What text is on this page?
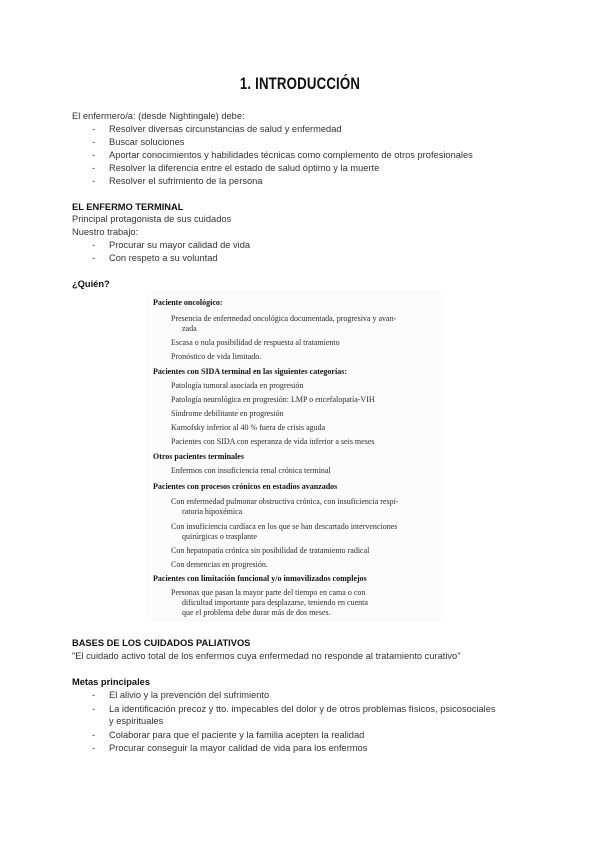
1. INTRODUCCIÓN
El enfermero/a: (desde Nightingale) debe:
- Resolver diversas circunstancias de salud y enfermedad
- Buscar soluciones
- Aportar conocimientos y habilidades técnicas como complemento de otros profesionales
- Resolver la diferencia entre el estado de salud óptimo y la muerte
- Resolver el sufrimiento de la persona
EL ENFERMO TERMINAL
Principal protagonista de sus cuidados
Nuestro trabajo:
- Procurar su mayor calidad de vida
- Con respeto a su voluntad
¿Quién?
Paciente oncológico:
Presencia de enfermedad oncológica documentada, progresiva y avan-
zada
Escasa o nula posibilidad de respuesta al tratamiento
Pronóstico de vida limitado.
Pacientes con SIDA terminal en las siguientes categorías:
Patología tumoral asociada en progresión
Patología neurológica en progresión: LMP o encefalopatía-VIH
Síndrome debilitante en progresión
Karnofsky inferior al 40 % fuera de crisis aguda
Pacientes con SIDA con esperanza de vida inferior a seis meses
Otros pacientes terminales
Enfermos con insuficiencia renal crónica terminal
Pacientes con procesos crónicos en estadios avanzados
Con enfermedad pulmonar obstructiva crónica, con insuficiencia respi-
ratoria hipoxémica
Con insuficiencia cardíaca en los que se han descartado intervenciones
quirúrgicas o trasplante
Con hepatopatía crónica sin posibilidad de tratamiento radical
Con demencias en progresión.
Pacientes con limitación funcional y/o inmovilizados complejos
Personas que pasan la mayor parte del tiempo en cama o con
dificultad importante para desplazarse, teniendo en cuenta
que el problema debe durar más de dos meses.
BASES DE LOS CUIDADOS PALIATIVOS
"El cuidado activo total de los enfermos cuya enfermedad no responde al tratamiento curativo"
Metas principales
- El alivio y la prevención del sufrimiento
- La identificación precoz y tto. impecables del dolor y de otros problemas físicos, psicosociales
y espirituales
- Colaborar para que el paciente y la familia acepten la realidad
- Procurar conseguir la mayor calidad de vida para los enfermos
